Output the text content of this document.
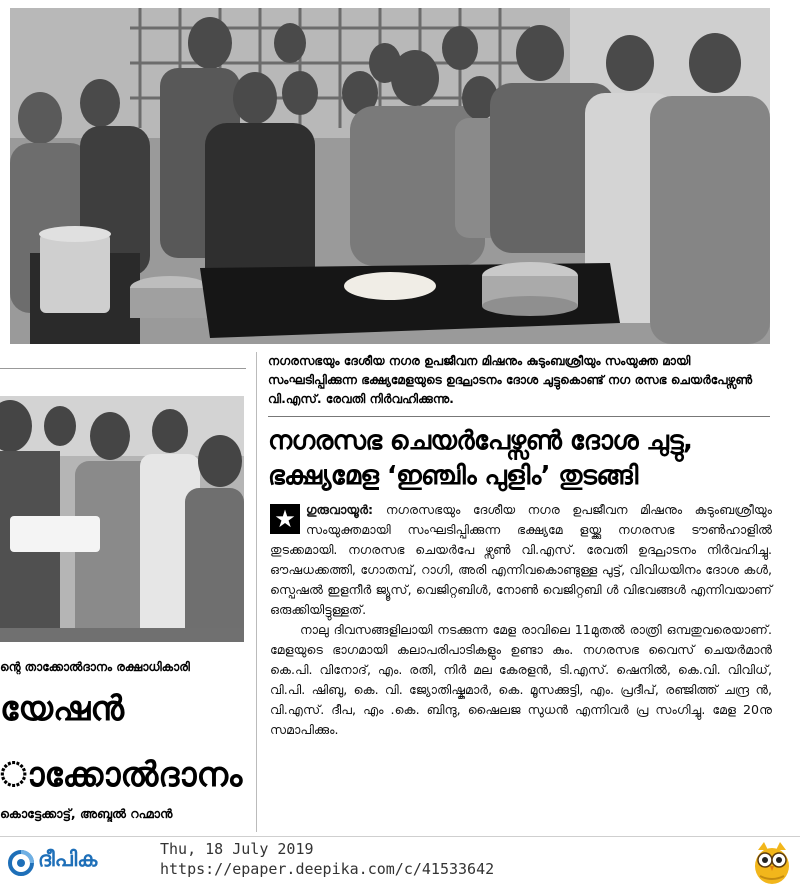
നഗരസഭയും ദേശീയ നഗര ഉപജീവന മിഷനും കുടുംബശ്രീയും സംയുക്ത മായി സംഘടിപ്പിക്കുന്ന ഭക്ഷ്യമേളയുടെ ഉദ്ഘാടനം ദോശ ചുട്ടുകൊണ്ട് നഗ രസഭ ചെയർപേഴ്സൺ വി.എസ്. രേവതി നിർവഹിക്കുന്നു.
നഗരസഭ ചെയർപേഴ്സൺ ദോശ ചുട്ടു,
ഭക്ഷ്യമേള ‘ഇഞ്ചിം പുളിം’ തുടങ്ങി

★ ഗുരുവായൂർ: നഗരസഭയും ദേശീയ നഗര ഉപജീവന മിഷനും കുടുംബശ്രീയും സംയുക്തമായി സംഘടിപ്പിക്കുന്ന ഭക്ഷ്യമേ ളയ്ക്കു നഗരസഭ ടൗൺഹാളിൽ തുടക്കമായി. നഗരസഭ ചെയർപേ ഴ്സൺ വി.എസ്. രേവതി ഉദ്ഘാടനം നിർവഹിച്ചു. ഔഷധക്കത്തി, ഗോതമ്പ്, റാഗി, അരി എന്നിവകൊണ്ടുള്ള പുട്ട്, വിവിധയിനം ദോശ കൾ, സ്പെഷൽ ഇളനീർ ജ്യൂസ്, വെജിറ്റബിൾ, നോൺ വെജിറ്റബി ൾ വിഭവങ്ങൾ എന്നിവയാണ് ഒരുക്കിയിട്ടുള്ളത്.

നാലു ദിവസങ്ങളിലായി നടക്കുന്ന മേള രാവിലെ 11മുതൽ രാത്രി ഒമ്പതുവരെയാണ്. മേളയുടെ ഭാഗമായി കലാപരിപാടികളും ഉണ്ടാ കും. നഗരസഭ വൈസ് ചെയർമാൻ കെ.പി. വിനോദ്, എം. രതി, നിർ മല കേരളൻ, ടി.എസ്. ഷെനിൽ, കെ.വി. വിവിധ്, വി.പി. ഷിബു, കെ. വി. ജ്യോതിഷ്കുമാർ, കെ. മൂസക്കുട്ടി, എം. പ്രദീപ്, രഞ്ജിത്ത് ചന്ദ്ര ൻ, വി.എസ്. ദീപ, എം .കെ. ബിന്ദു, ഷൈലജ സുധൻ എന്നിവർ പ്ര സംഗിച്ചു. മേള 20നു സമാപിക്കും.

ന്റെ താക്കോൽദാനം രക്ഷാധികാരി
യേഷൻ
ാക്കോൽദാനം
കൊട്ടേക്കാട്ട്, അബ്ദുൽ റഹ്മാൻ
ദീപിക	Thu, 18 July 2019
https://epaper.deepika.com/c/41533642
